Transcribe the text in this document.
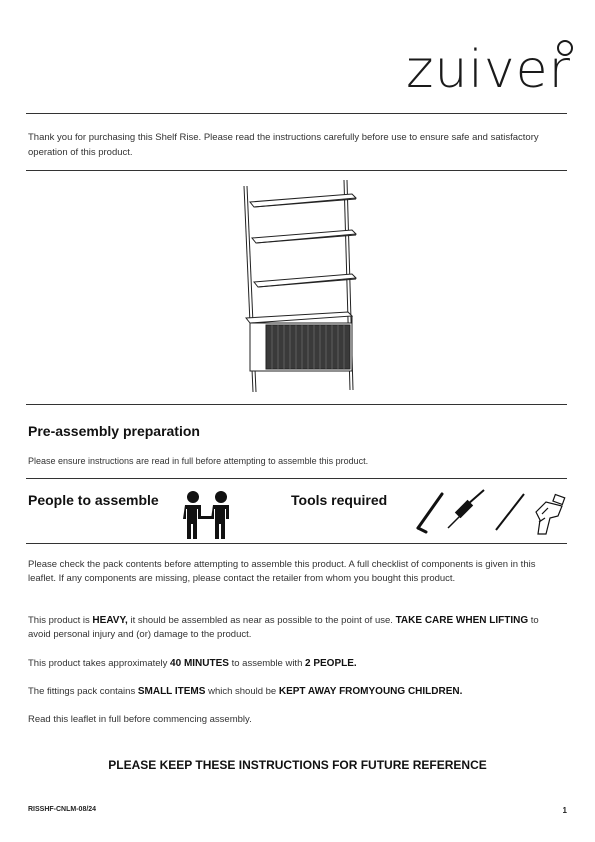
zuiver
Thank you for purchasing this Shelf Rise. Please read the instructions carefully before use to ensure safe and satisfactory operation of this product.
Pre-assembly preparation
Please ensure instructions are read in full before attempting to assemble this product.
People to assemble	Tools required
Please check the pack contents before attempting to assemble this product. A full checklist of components is given in this leaflet. If any components are missing, please contact the retailer from whom you bought this product.
This product is HEAVY, it should be assembled as near as possible to the point of use. TAKE CARE WHEN LIFTING to avoid personal injury and (or) damage to the product.
This product takes approximately 40 MINUTES to assemble with 2 PEOPLE.
The fittings pack contains SMALL ITEMS which should be KEPT AWAY FROMYOUNG CHILDREN.
Read this leaflet in full before commencing assembly.
PLEASE KEEP THESE INSTRUCTIONS FOR FUTURE REFERENCE
RISSHF-CNLM-08/24	1
